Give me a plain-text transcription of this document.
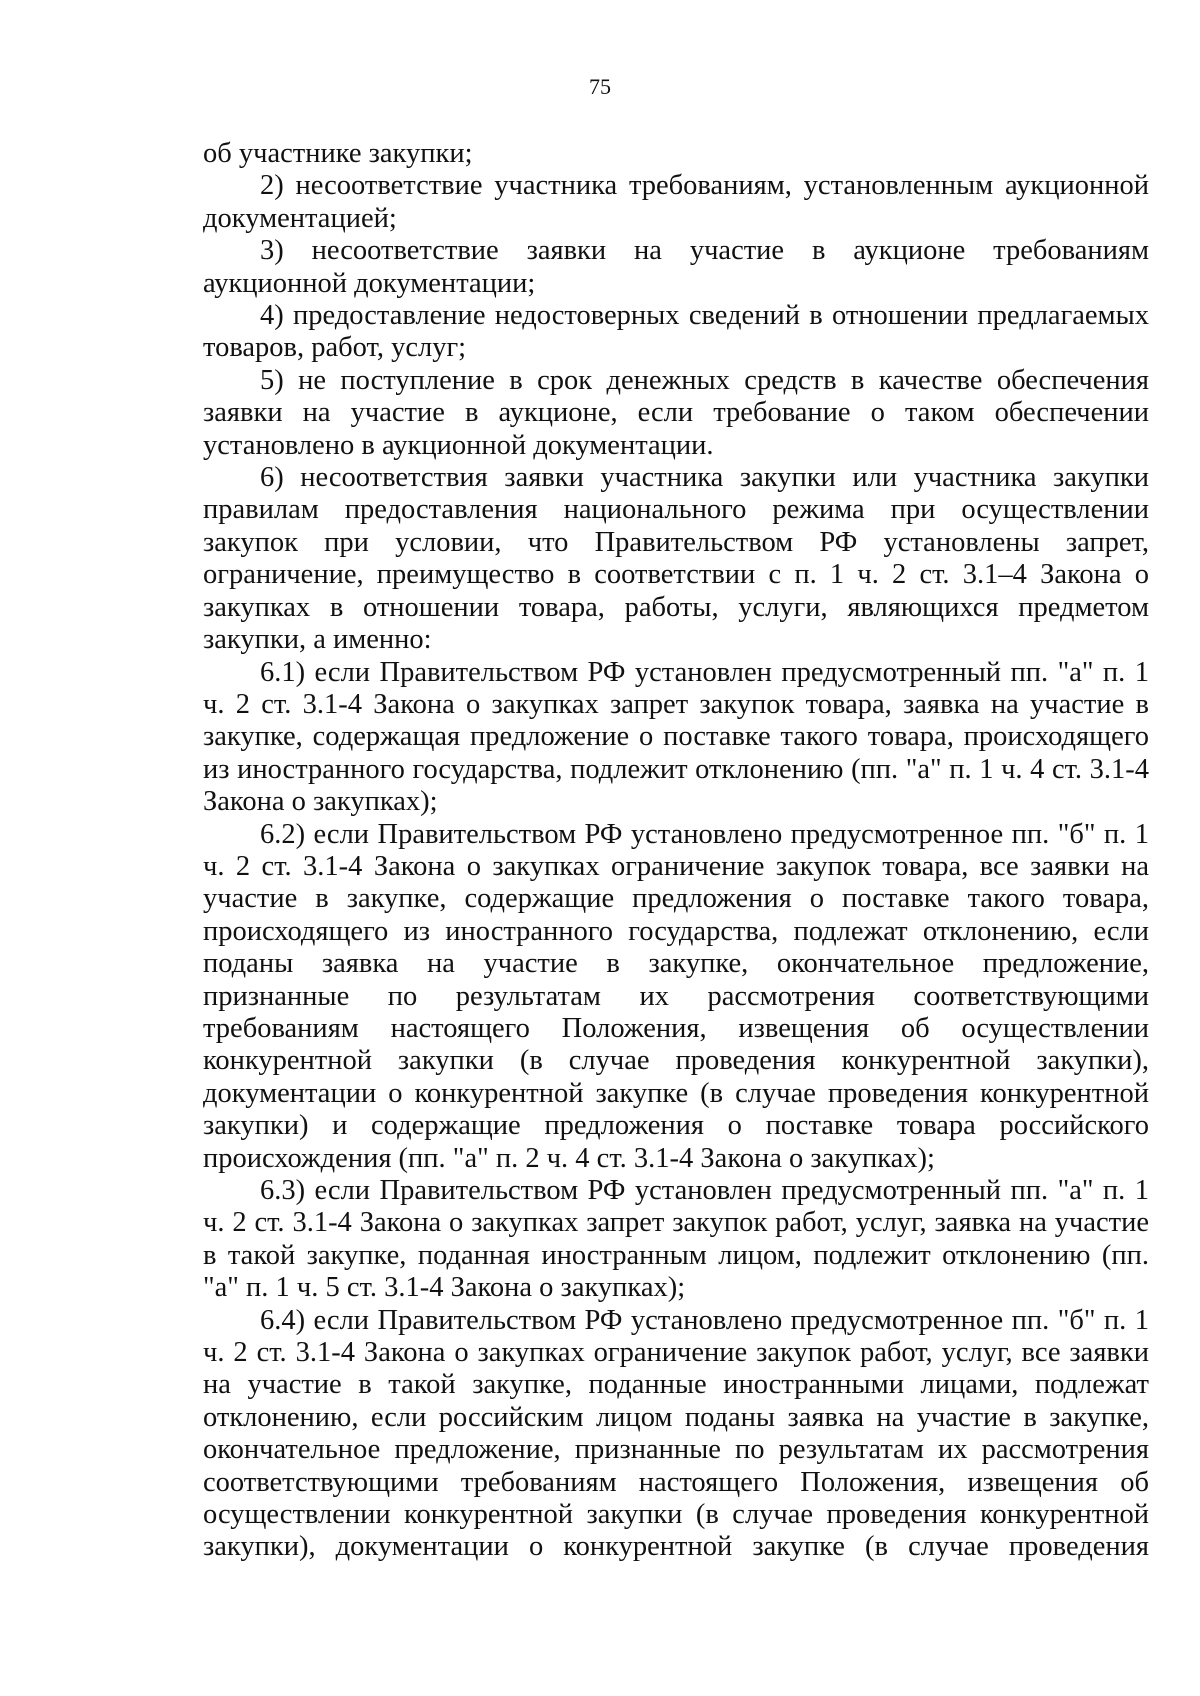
75

об участнике закупки;

2) несоответствие участника требованиям, установленным аукционной документацией;

3) несоответствие заявки на участие в аукционе требованиям аукционной документации;

4) предоставление недостоверных сведений в отношении предлагаемых товаров, работ, услуг;

5) не поступление в срок денежных средств в качестве обеспечения заявки на участие в аукционе, если требование о таком обеспечении установлено в аукционной документации.

6) несоответствия заявки участника закупки или участника закупки правилам предоставления национального режима при осуществлении закупок при условии, что Правительством РФ установлены запрет, ограничение, преимущество в соответствии с п. 1 ч. 2 ст. 3.1–4 Закона о закупках в отношении товара, работы, услуги, являющихся предметом закупки, а именно:

6.1) если Правительством РФ установлен предусмотренный пп. "а" п. 1 ч. 2 ст. 3.1-4 Закона о закупках запрет закупок товара, заявка на участие в закупке, содержащая предложение о поставке такого товара, происходящего из иностранного государства, подлежит отклонению (пп. "а" п. 1 ч. 4 ст. 3.1-4 Закона о закупках);

6.2) если Правительством РФ установлено предусмотренное пп. "б" п. 1 ч. 2 ст. 3.1-4 Закона о закупках ограничение закупок товара, все заявки на участие в закупке, содержащие предложения о поставке такого товара, происходящего из иностранного государства, подлежат отклонению, если поданы заявка на участие в закупке, окончательное предложение, признанные по результатам их рассмотрения соответствующими требованиям настоящего Положения, извещения об осуществлении конкурентной закупки (в случае проведения конкурентной закупки), документации о конкурентной закупке (в случае проведения конкурентной закупки) и содержащие предложения о поставке товара российского происхождения (пп. "а" п. 2 ч. 4 ст. 3.1-4 Закона о закупках);

6.3) если Правительством РФ установлен предусмотренный пп. "а" п. 1 ч. 2 ст. 3.1-4 Закона о закупках запрет закупок работ, услуг, заявка на участие в такой закупке, поданная иностранным лицом, подлежит отклонению (пп. "а" п. 1 ч. 5 ст. 3.1-4 Закона о закупках);

6.4) если Правительством РФ установлено предусмотренное пп. "б" п. 1 ч. 2 ст. 3.1-4 Закона о закупках ограничение закупок работ, услуг, все заявки на участие в такой закупке, поданные иностранными лицами, подлежат отклонению, если российским лицом поданы заявка на участие в закупке, окончательное предложение, признанные по результатам их рассмотрения соответствующими требованиям настоящего Положения, извещения об осуществлении конкурентной закупки (в случае проведения конкурентной закупки), документации о конкурентной закупке (в случае проведения
